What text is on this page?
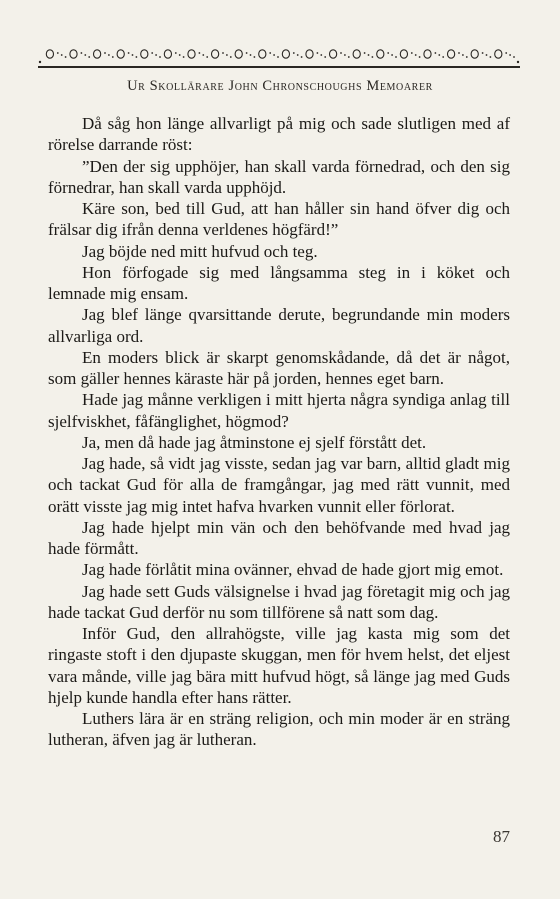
Ur Skollärare John Chronschoughs Memoarer

Då såg hon länge allvarligt på mig och sade slutligen med af rörelse darrande röst:

”Den der sig upphöjer, han skall varda förnedrad, och den sig förnedrar, han skall varda upphöjd.

Käre son, bed till Gud, att han håller sin hand öfver dig och frälsar dig ifrån denna verldenes högfärd!”

Jag böjde ned mitt hufvud och teg.

Hon förfogade sig med långsamma steg in i köket och lemnade mig ensam.

Jag blef länge qvarsittande derute, begrundande min moders allvarliga ord.

En moders blick är skarpt genomskådande, då det är något, som gäller hennes käraste här på jorden, hennes eget barn.

Hade jag månne verkligen i mitt hjerta några syndiga anlag till sjelfviskhet, fåfänglighet, högmod?

Ja, men då hade jag åtminstone ej sjelf förstått det.

Jag hade, så vidt jag visste, sedan jag var barn, alltid gladt mig och tackat Gud för alla de framgångar, jag med rätt vunnit, med orätt visste jag mig intet hafva hvarken vunnit eller förlorat.

Jag hade hjelpt min vän och den behöfvande med hvad jag hade förmått.

Jag hade förlåtit mina ovänner, ehvad de hade gjort mig emot.

Jag hade sett Guds välsignelse i hvad jag företagit mig och jag hade tackat Gud derför nu som tillförene så natt som dag.

Inför Gud, den allrahögste, ville jag kasta mig som det ringaste stoft i den djupaste skuggan, men för hvem helst, det eljest vara månde, ville jag bära mitt hufvud högt, så länge jag med Guds hjelp kunde handla efter hans rätter.

Luthers lära är en sträng religion, och min moder är en sträng lutheran, äfven jag är lutheran.

87
